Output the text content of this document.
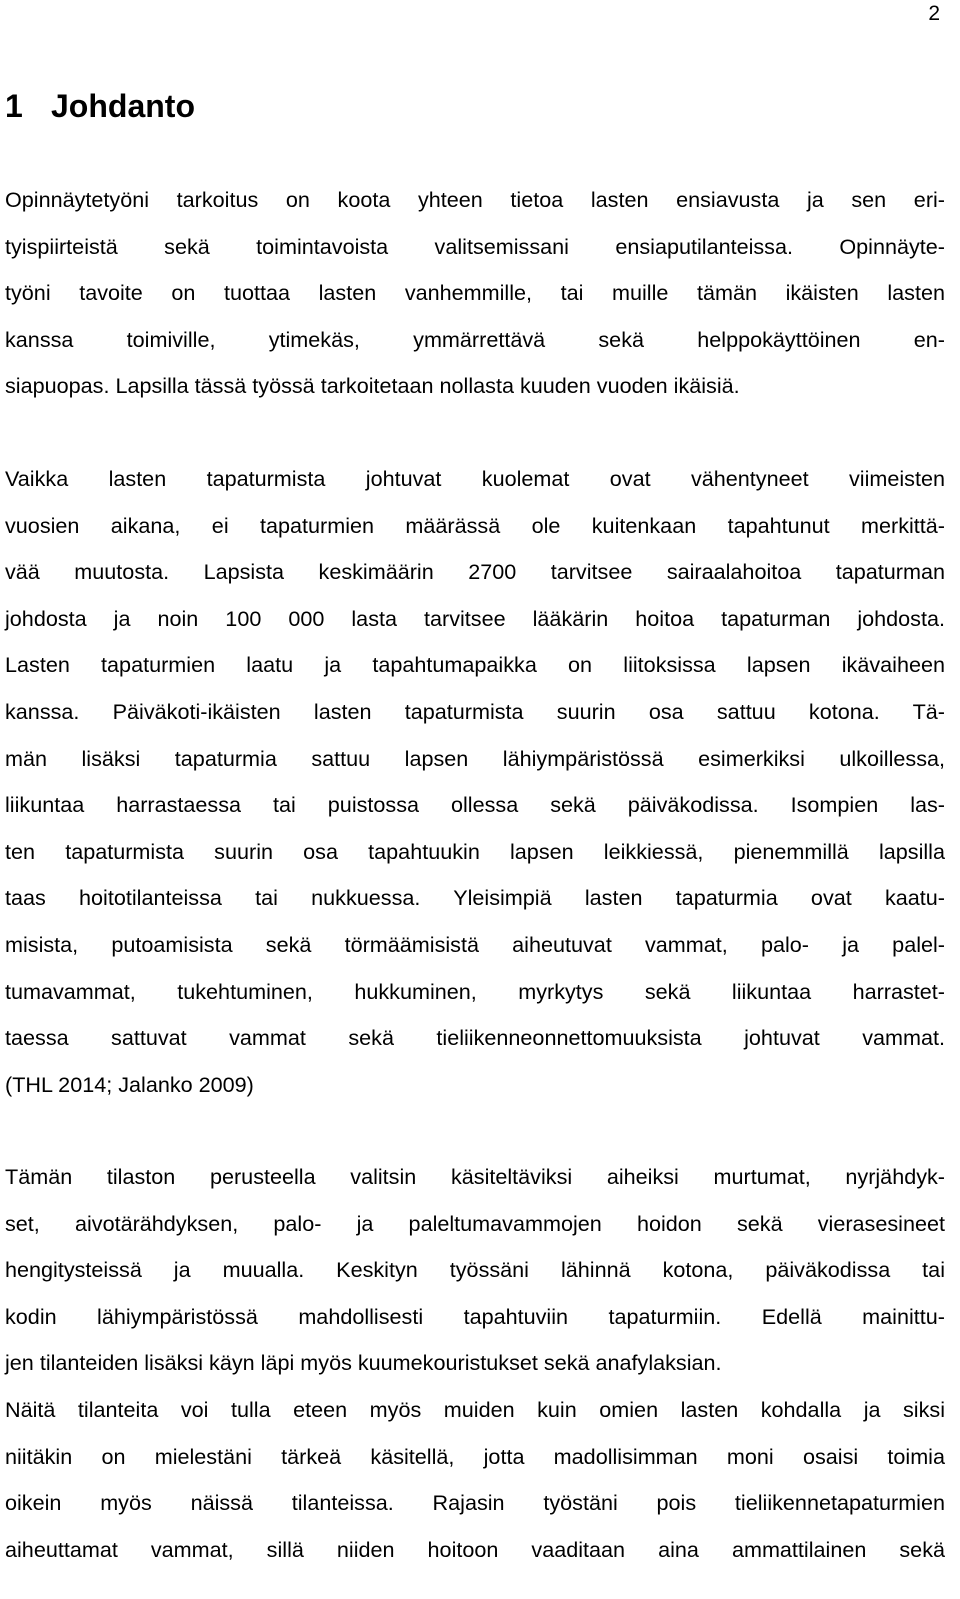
2
1 Johdanto
Opinnäytetyöni tarkoitus on koota yhteen tietoa lasten ensiavusta ja sen eri-
tyispiirteistä sekä toimintavoista valitsemissani ensiaputilanteissa. Opinnäyte-
työni tavoite on tuottaa lasten vanhemmille, tai muille tämän ikäisten lasten
kanssa toimiville, ytimekäs, ymmärrettävä sekä helppokäyttöinen en-
siapuopas. Lapsilla tässä työssä tarkoitetaan nollasta kuuden vuoden ikäisiä.
Vaikka lasten tapaturmista johtuvat kuolemat ovat vähentyneet viimeisten
vuosien aikana, ei tapaturmien määrässä ole kuitenkaan tapahtunut merkittä-
vää muutosta. Lapsista keskimäärin 2700 tarvitsee sairaalahoitoa tapaturman
johdosta ja noin 100 000 lasta tarvitsee lääkärin hoitoa tapaturman johdosta.
Lasten tapaturmien laatu ja tapahtumapaikka on liitoksissa lapsen ikävaiheen
kanssa. Päiväkoti-ikäisten lasten tapaturmista suurin osa sattuu kotona. Tä-
män lisäksi tapaturmia sattuu lapsen lähiympäristössä esimerkiksi ulkoillessa,
liikuntaa harrastaessa tai puistossa ollessa sekä päiväkodissa. Isompien las-
ten tapaturmista suurin osa tapahtuukin lapsen leikkiessä, pienemmillä lapsilla
taas hoitotilanteissa tai nukkuessa. Yleisimpiä lasten tapaturmia ovat kaatu-
misista, putoamisista sekä törmäämisistä aiheutuvat vammat, palo- ja palel-
tumavammat, tukehtuminen, hukkuminen, myrkytys sekä liikuntaa harrastet-
taessa sattuvat vammat sekä tieliikenneonnettomuuksista johtuvat vammat.
(THL 2014; Jalanko 2009)
Tämän tilaston perusteella valitsin käsiteltäviksi aiheiksi murtumat, nyrjähdyk-
set, aivotärähdyksen, palo- ja paleltumavammojen hoidon sekä vierasesineet
hengitysteissä ja muualla. Keskityn työssäni lähinnä kotona, päiväkodissa tai
kodin lähiympäristössä mahdollisesti tapahtuviin tapaturmiin. Edellä mainittu-
jen tilanteiden lisäksi käyn läpi myös kuumekouristukset sekä anafylaksian.
Näitä tilanteita voi tulla eteen myös muiden kuin omien lasten kohdalla ja siksi
niitäkin on mielestäni tärkeä käsitellä, jotta madollisimman moni osaisi toimia
oikein myös näissä tilanteissa. Rajasin työstäni pois tieliikennetapaturmien
aiheuttamat vammat, sillä niiden hoitoon vaaditaan aina ammattilainen sekä
